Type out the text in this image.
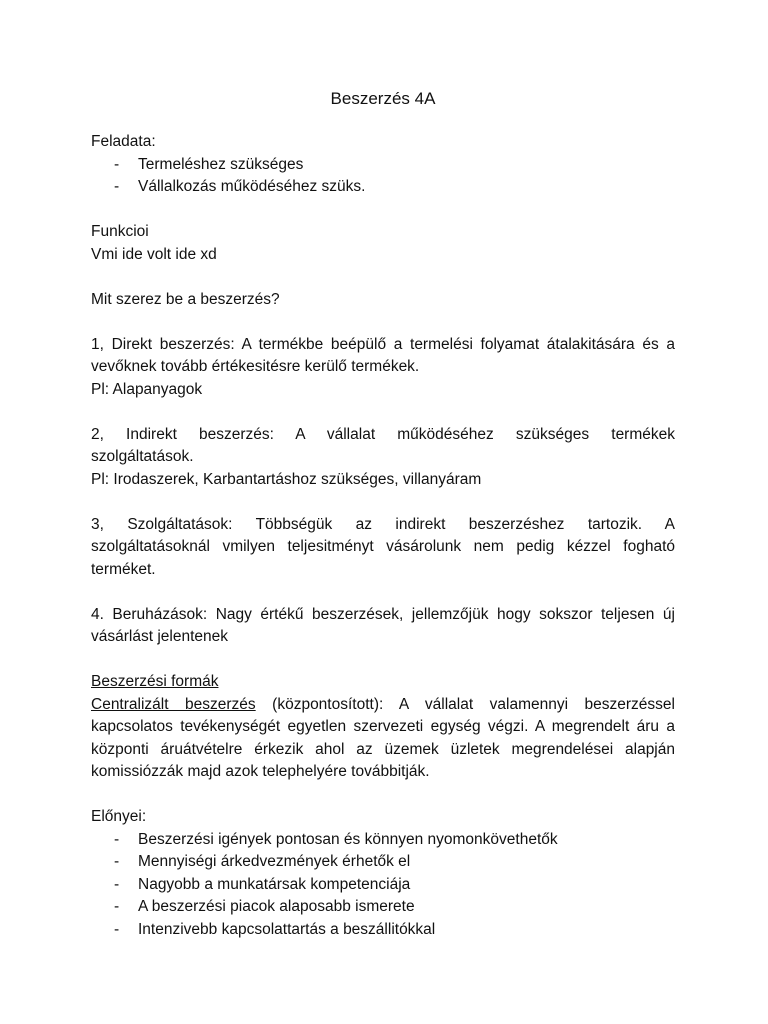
Beszerzés 4A

Feladata:

- Termeléshez szükséges
- Vállalkozás működéséhez szüks.

Funkcioi

Vmi ide volt ide xd

Mit szerez be a beszerzés?

1, Direkt beszerzés: A termékbe beépülő a termelési folyamat átalakitására és a

vevőknek tovább értékesitésre kerülő termékek.

Pl: Alapanyagok

2, Indirekt beszerzés: A vállalat működéséhez szükséges termékek

szolgáltatások.

Pl: Irodaszerek, Karbantartáshoz szükséges, villanyáram

3, Szolgáltatások: Többségük az indirekt beszerzéshez tartozik. A

szolgáltatásoknál vmilyen teljesitményt vásárolunk nem pedig kézzel fogható

terméket.

4. Beruházások: Nagy értékű beszerzések, jellemzőjük hogy sokszor teljesen új

vásárlást jelentenek

Beszerzési formák

Centralizált beszerzés (központosított): A vállalat valamennyi beszerzéssel

kapcsolatos tevékenységét egyetlen szervezeti egység végzi. A megrendelt áru a

központi áruátvételre érkezik ahol az üzemek üzletek megrendelései alapján

komissiózzák majd azok telephelyére továbbitják.

Előnyei:

- Beszerzési igények pontosan és könnyen nyomonkövethetők
- Mennyiségi árkedvezmények érhetők el
- Nagyobb a munkatársak kompetenciája
- A beszerzési piacok alaposabb ismerete
- Intenzivebb kapcsolattartás a beszállitókkal
